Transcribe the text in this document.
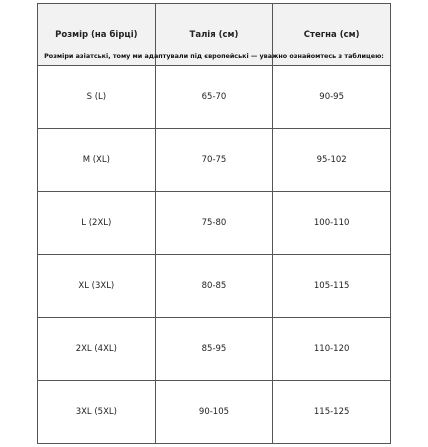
Розмір (на бірці)	Талія (см)	Стегна (см)
S (L)	65-70	90-95
M (XL)	70-75	95-102
L (2XL)	75-80	100-110
XL (3XL)	80-85	105-115
2XL (4XL)	85-95	110-120
3XL (5XL)	90-105	115-125
Розміри азіатські, тому ми адаптували під європейські — уважно ознайомтесь з таблицею:
